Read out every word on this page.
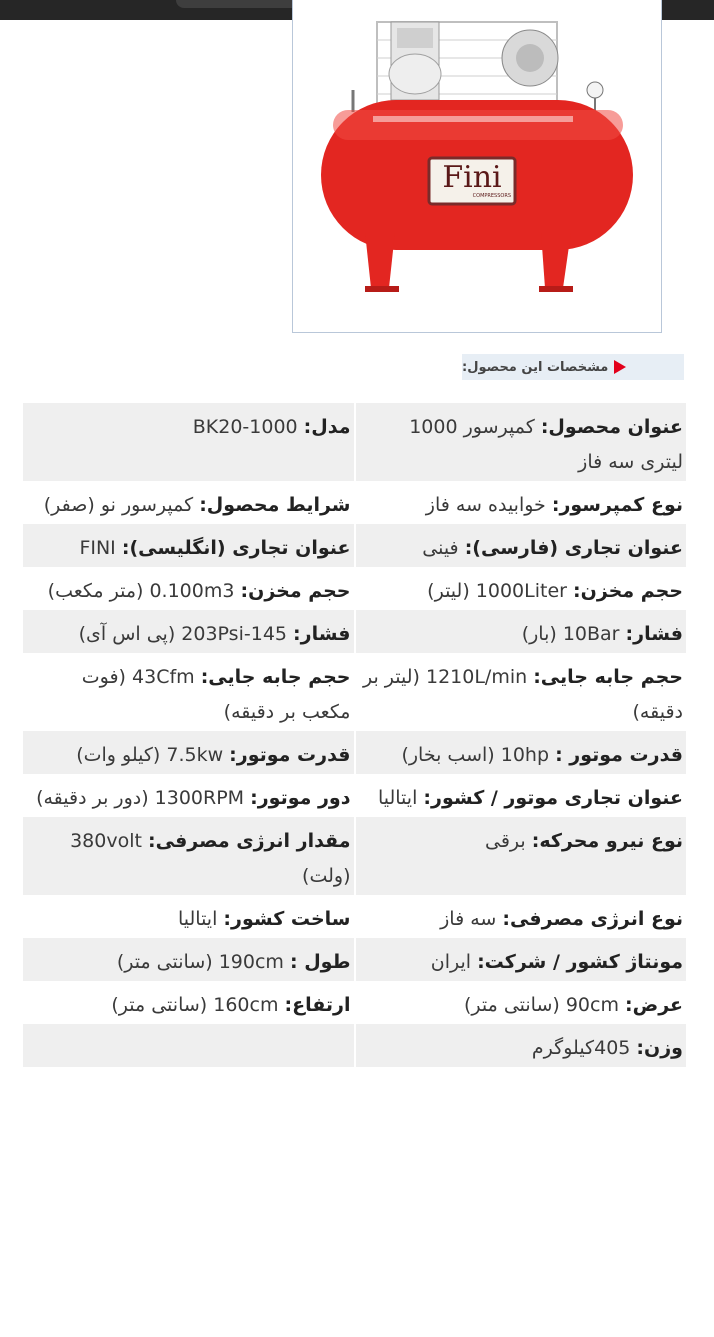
Fini
COMPRESSORS
مشخصات این محصول:
عنوان محصول: کمپرسور 1000 لیتری سه فاز	مدل: BK20-1000
نوع کمپرسور: خوابیده سه فاز	شرایط محصول: کمپرسور نو (صفر)
عنوان تجاری (فارسی): فینی	عنوان تجاری (انگلیسی): FINI
حجم مخزن: 1000Liter (لیتر)	حجم مخزن: 0.100m3 (متر مکعب)
فشار: 10Bar (بار)	فشار: 145-203Psi (پی اس آی)
حجم جابه جایی: 1210L/min (لیتر بر دقیقه)	حجم جابه جایی: 43Cfm (فوت مکعب بر دقیقه)
قدرت موتور : 10hp (اسب بخار)	قدرت موتور: 7.5kw (کیلو وات)
عنوان تجاری موتور / کشور: ایتالیا	دور موتور: 1300RPM (دور بر دقیقه)
نوع نیرو محرکه: برقی	مقدار انرژی مصرفی: 380volt (ولت)
نوع انرژی مصرفی: سه فاز	ساخت کشور: ایتالیا
مونتاژ کشور / شرکت: ایران	طول : 190cm (سانتی متر)
عرض: 90cm (سانتی متر)	ارتفاع: 160cm (سانتی متر)
وزن: 405کیلوگرم	
